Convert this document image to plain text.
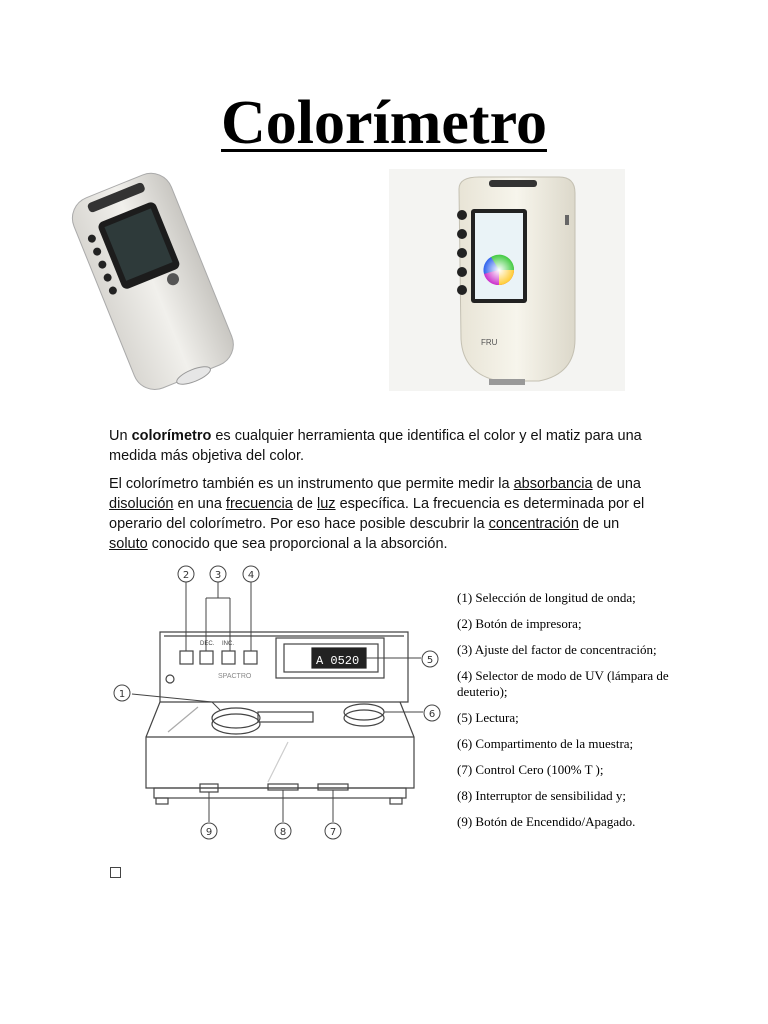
Colorímetro
FRU
Un colorímetro es cualquier herramienta que identifica el color y el matiz para una medida más objetiva del color.
El colorímetro también es un instrumento que permite medir la absorbancia de una disolución en una frecuencia de luz específica. La frecuencia es determinada por el operario del colorímetro. Por eso hace posible descubrir la concentración de un soluto conocido que sea proporcional a la absorción.
A 0520
DEC. INC.
SPACTRO
2	3	4
5
1
6
9	8	7
(1) Selección de longitud de onda;
(2) Botón de impresora;
(3) Ajuste del factor de concentración;
(4) Selector de modo de UV (lámpara de deuterio);
(5) Lectura;
(6) Compartimento de la muestra;
(7) Control Cero (100% T );
(8) Interruptor de sensibilidad y;
(9) Botón de Encendido/Apagado.
